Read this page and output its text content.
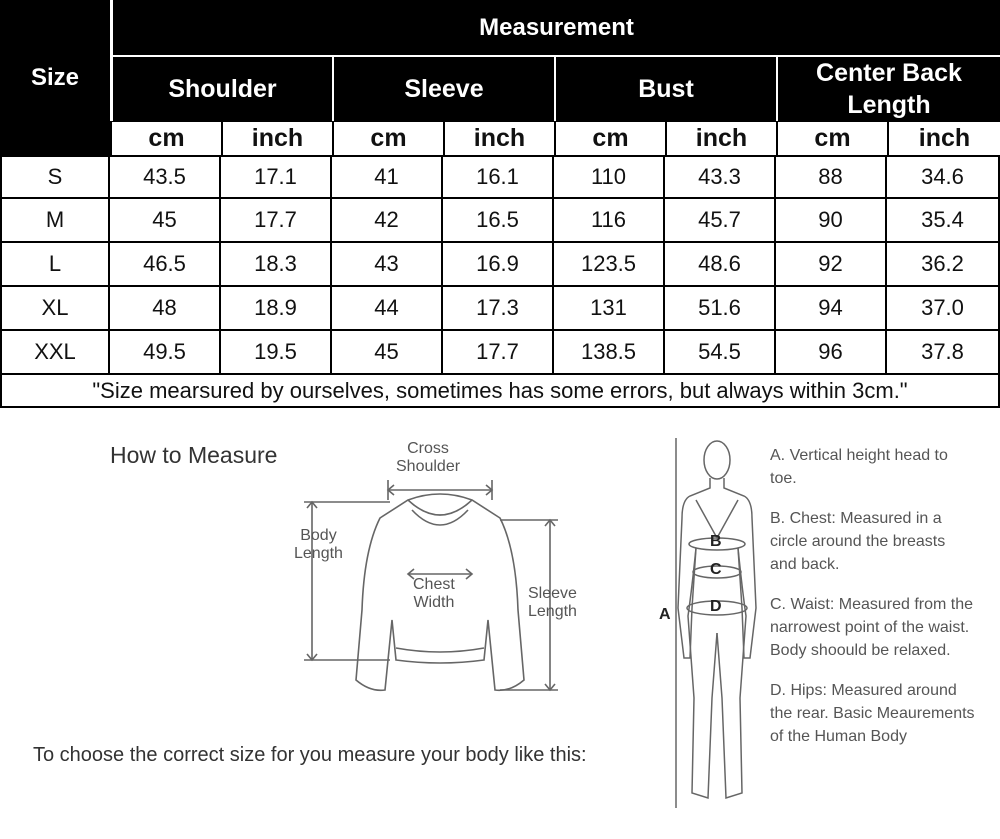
Size
Measurement
Shoulder	Sleeve	Bust
Center Back Length
cm	inch	cm	inch	cm	inch	cm	inch
S	43.5	17.1	41	16.1	110	43.3	88	34.6
M	45	17.7	42	16.5	116	45.7	90	35.4
L	46.5	18.3	43	16.9	123.5	48.6	92	36.2
XL	48	18.9	44	17.3	131	51.6	94	37.0
XXL	49.5	19.5	45	17.7	138.5	54.5	96	37.8
"Size mearsured by ourselves, sometimes has some errors, but always within 3cm."
How to Measure
To choose the correct size for you measure your body like this:
Cross
Shoulder
Body
Length
Chest
Width
Sleeve
Length	A
B
C
D

A. Vertical height head to toe.

B. Chest: Measured in a circle around the breasts and back.

C. Waist: Measured from the narrowest point of the waist. Body shoould be relaxed.

D. Hips: Measured around the rear. Basic Meaurements of the Human Body
